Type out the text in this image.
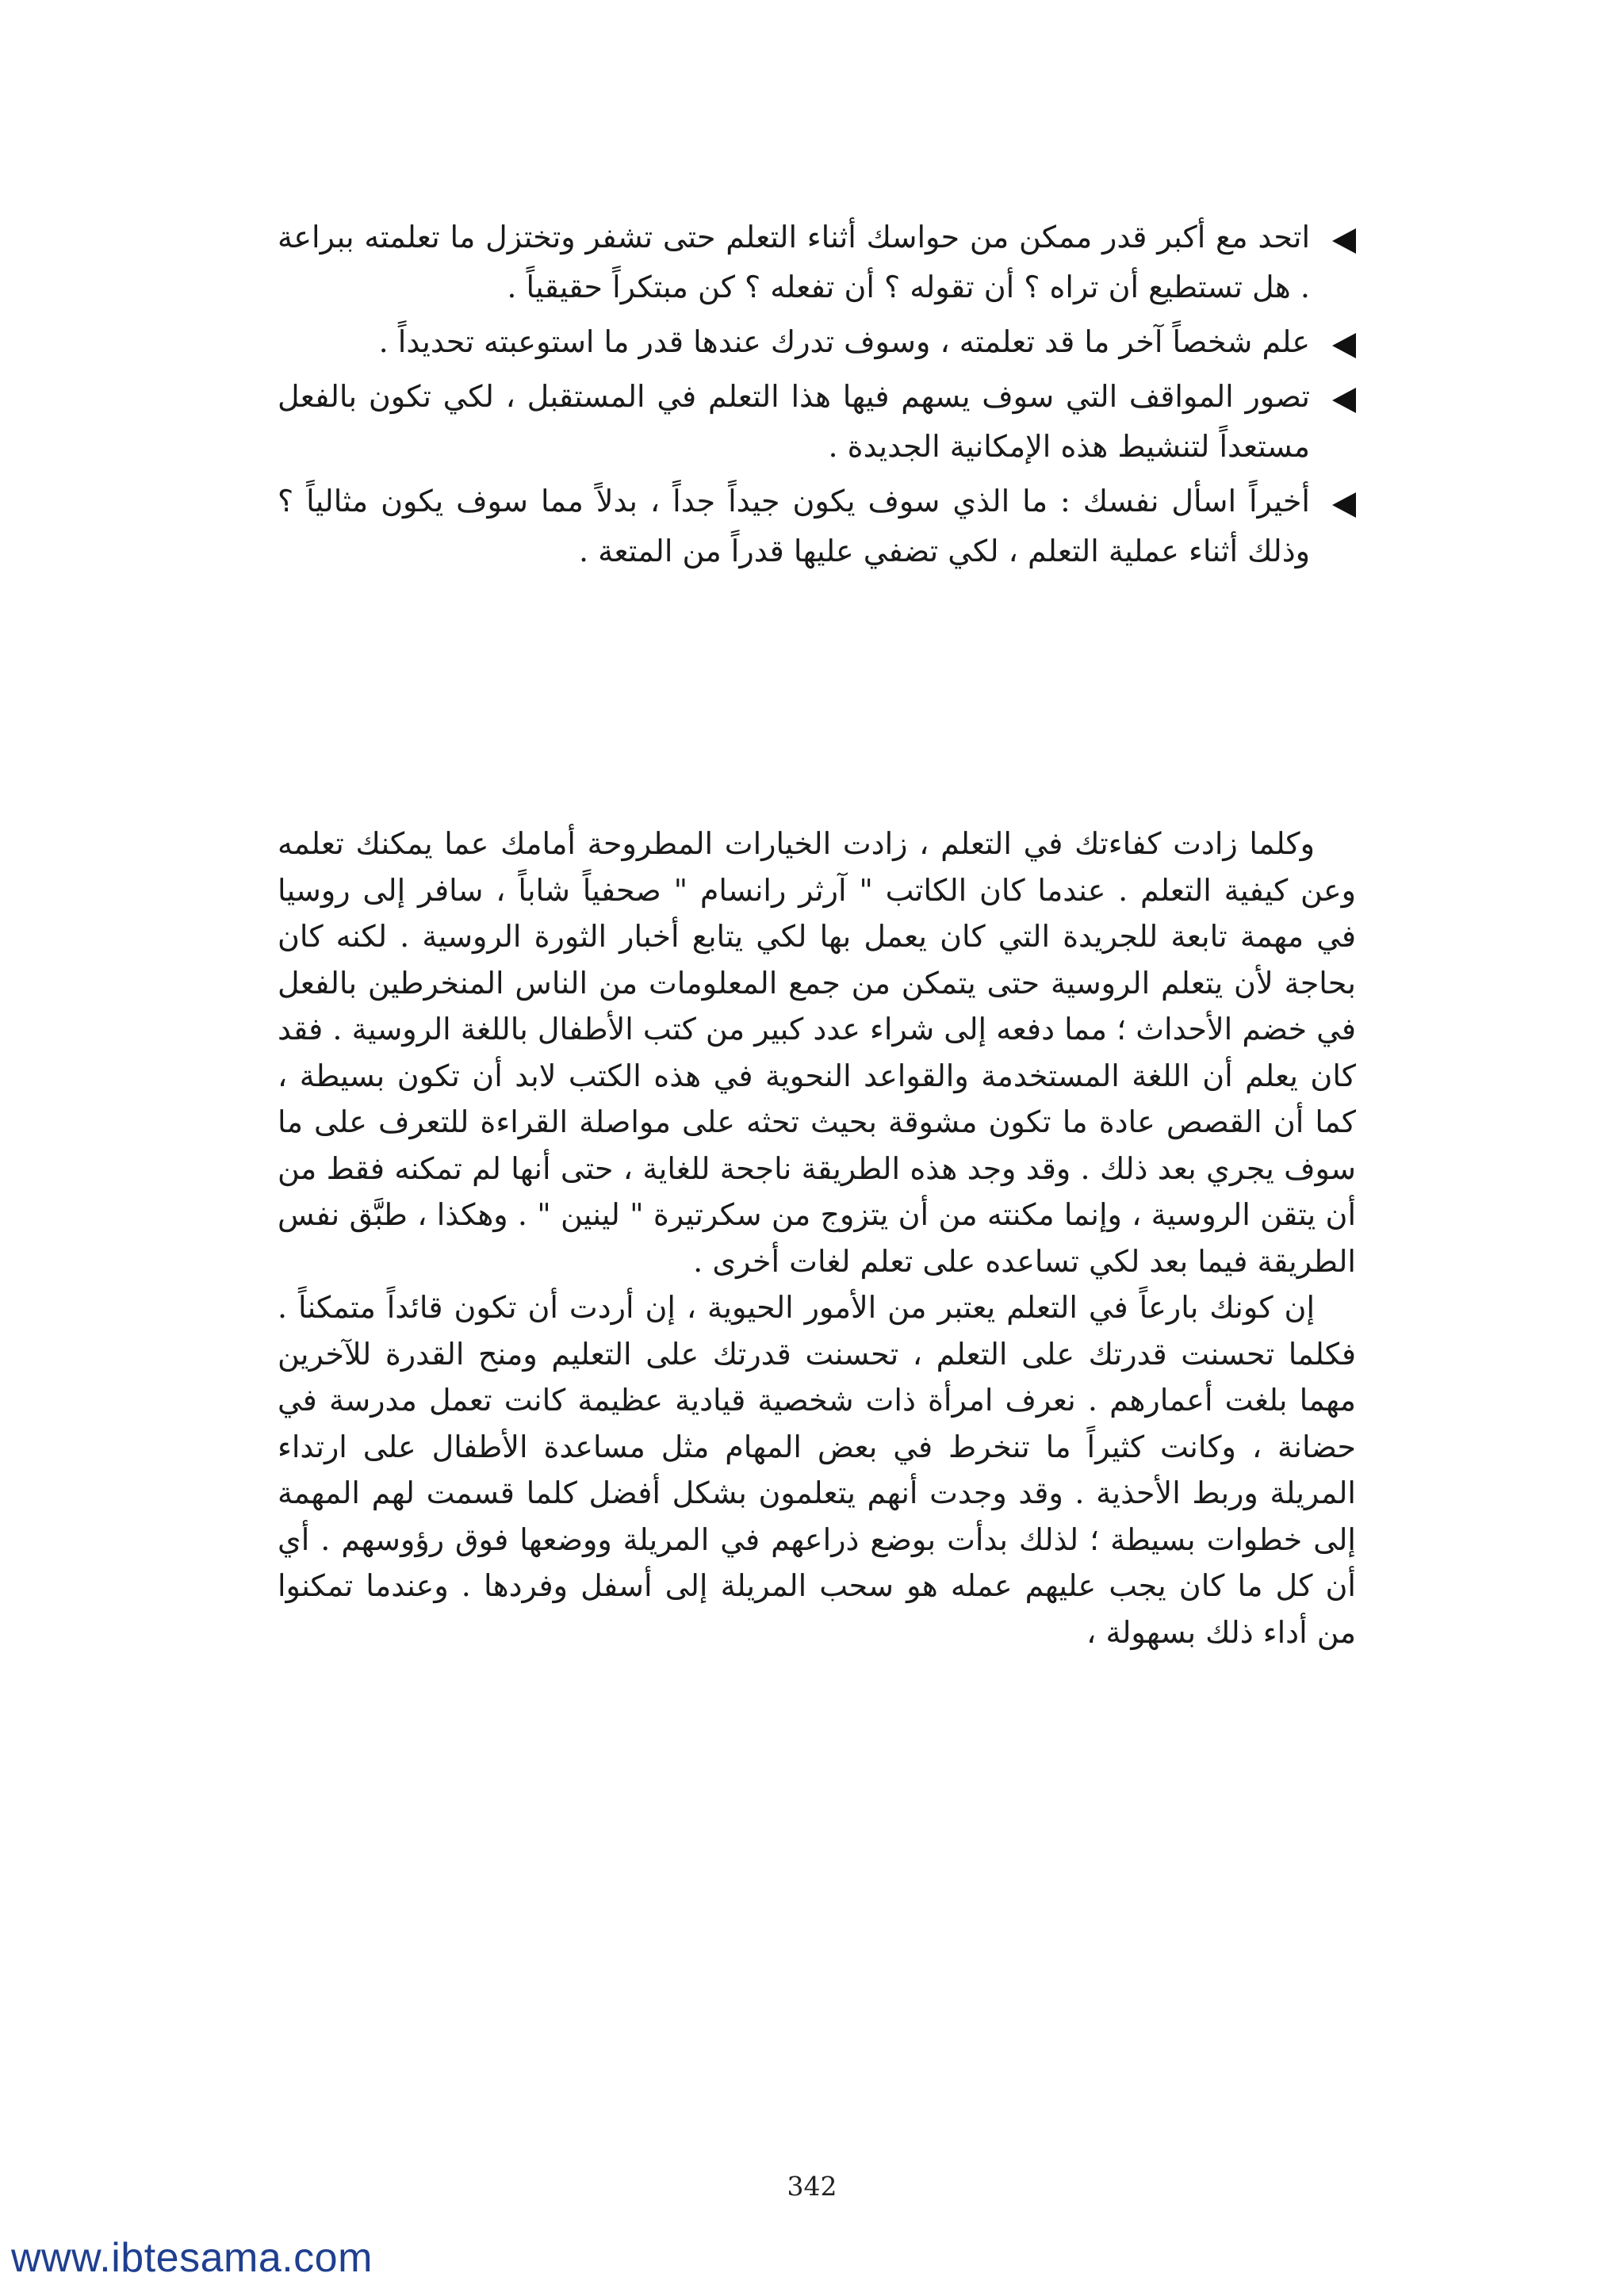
اتحد مع أكبر قدر ممكن من حواسك أثناء التعلم حتى تشفر وتختزل ما تعلمته ببراعة . هل تستطيع أن تراه ؟ أن تقوله ؟ أن تفعله ؟ كن مبتكراً حقيقياً .
علم شخصاً آخر ما قد تعلمته ، وسوف تدرك عندها قدر ما استوعبته تحديداً .
تصور المواقف التي سوف يسهم فيها هذا التعلم في المستقبل ، لكي تكون بالفعل مستعداً لتنشيط هذه الإمكانية الجديدة .
أخيراً اسأل نفسك : ما الذي سوف يكون جيداً جداً ، بدلاً مما سوف يكون مثالياً ؟ وذلك أثناء عملية التعلم ، لكي تضفي عليها قدراً من المتعة .

وكلما زادت كفاءتك في التعلم ، زادت الخيارات المطروحة أمامك عما يمكنك تعلمه وعن كيفية التعلم . عندما كان الكاتب " آرثر رانسام " صحفياً شاباً ، سافر إلى روسيا في مهمة تابعة للجريدة التي كان يعمل بها لكي يتابع أخبار الثورة الروسية . لكنه كان بحاجة لأن يتعلم الروسية حتى يتمكن من جمع المعلومات من الناس المنخرطين بالفعل في خضم الأحداث ؛ مما دفعه إلى شراء عدد كبير من كتب الأطفال باللغة الروسية . فقد كان يعلم أن اللغة المستخدمة والقواعد النحوية في هذه الكتب لابد أن تكون بسيطة ، كما أن القصص عادة ما تكون مشوقة بحيث تحثه على مواصلة القراءة للتعرف على ما سوف يجري بعد ذلك . وقد وجد هذه الطريقة ناجحة للغاية ، حتى أنها لم تمكنه فقط من أن يتقن الروسية ، وإنما مكنته من أن يتزوج من سكرتيرة " لينين " . وهكذا ، طبَّق نفس الطريقة فيما بعد لكي تساعده على تعلم لغات أخرى .

إن كونك بارعاً في التعلم يعتبر من الأمور الحيوية ، إن أردت أن تكون قائداً متمكناً . فكلما تحسنت قدرتك على التعلم ، تحسنت قدرتك على التعليم ومنح القدرة للآخرين مهما بلغت أعمارهم . نعرف امرأة ذات شخصية قيادية عظيمة كانت تعمل مدرسة في حضانة ، وكانت كثيراً ما تنخرط في بعض المهام مثل مساعدة الأطفال على ارتداء المريلة وربط الأحذية . وقد وجدت أنهم يتعلمون بشكل أفضل كلما قسمت لهم المهمة إلى خطوات بسيطة ؛ لذلك بدأت بوضع ذراعهم في المريلة ووضعها فوق رؤوسهم . أي أن كل ما كان يجب عليهم عمله هو سحب المريلة إلى أسفل وفردها . وعندما تمكنوا من أداء ذلك بسهولة ،

342
www.ibtesama.com
